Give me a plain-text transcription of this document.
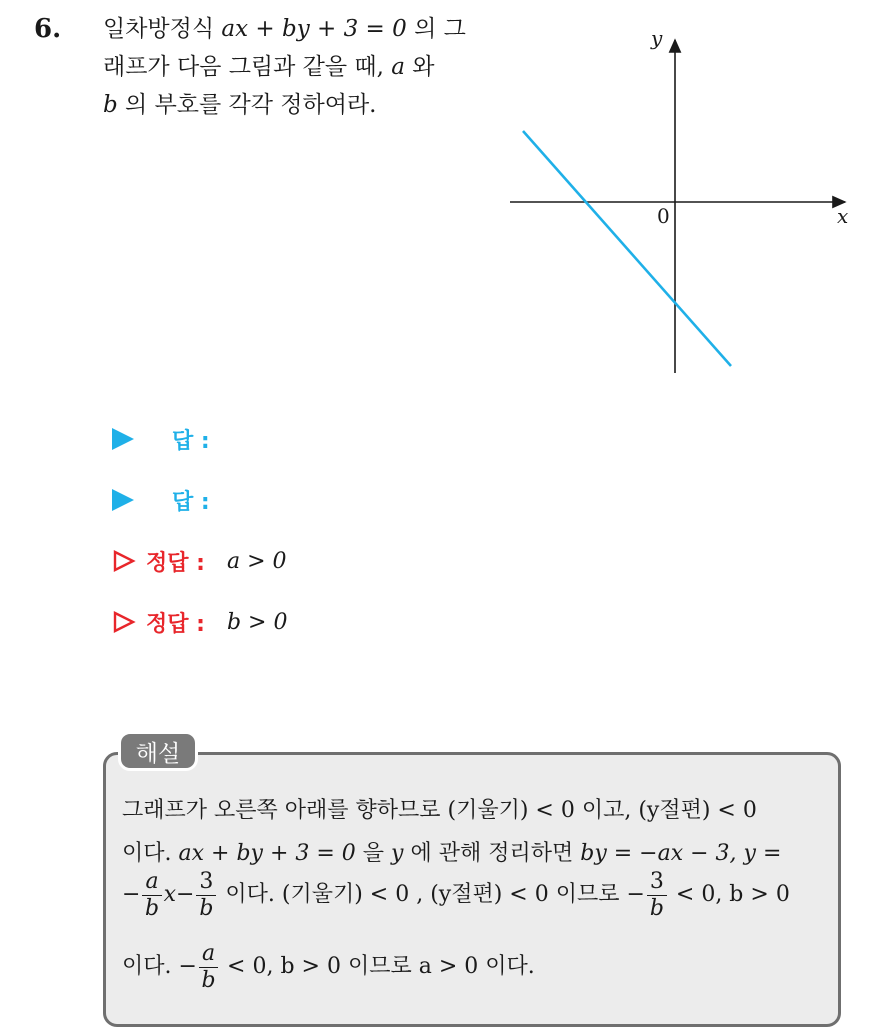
6. 일차방정식 ax + by + 3 = 0 의 그
래프가 다음 그림과 같을 때, a 와
b 의 부호를 각각 정하여라.
x
y
0
답 :
답 :
정답 : a > 0
정답 : b > 0
해설
그래프가 오른쪽 아래를 향하므로 (기울기) < 0 이고, (y절편) < 0
이다. ax + by + 3 = 0 을 y 에 관해 정리하면 by = −ax − 3, y =
− $\frac{a}{b} x- \frac{3}{b}$ 이다. (기울기) < 0 , (y절편) < 0 이므로 − $\frac{3}{b} < 0$, b > 0
이다. − $\frac{a}{b} < 0$, b > 0 이므로 a > 0 이다.
